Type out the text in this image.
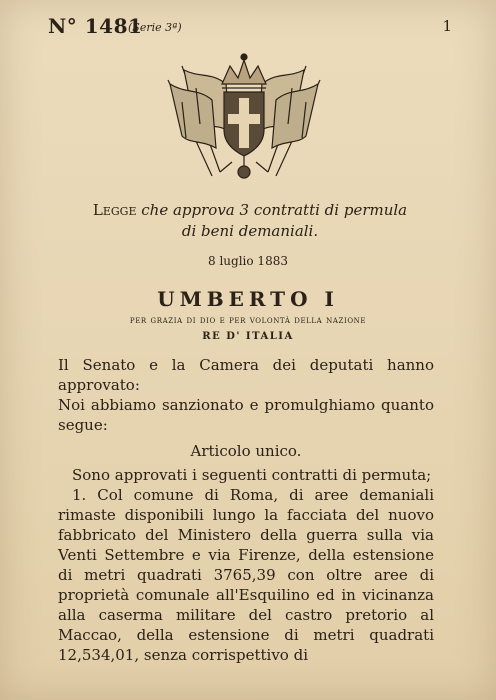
N° 1481
(Serie 3ª)	1
Legge che approva 3 contratti di permula
di beni demaniali.
8 luglio 1883
UMBERTO I
per grazia di dio e per volontà della nazione
RE D' ITALIA

Il Senato e la Camera dei deputati hanno approvato:

Noi abbiamo sanzionato e promulghiamo quanto segue:

Articolo unico.

Sono approvati i seguenti contratti di permuta;

1. Col comune di Roma, di aree demaniali rimaste disponibili lungo la facciata del nuovo fabbricato del Ministero della guerra sulla via Venti Settembre e via Firenze, della estensione di metri quadrati 3765,39 con oltre aree di proprietà comunale all'Esquilino ed in vicinanza alla caserma militare del castro pretorio al Maccao, della estensione di metri quadrati 12,534,01, senza corrispettivo di
